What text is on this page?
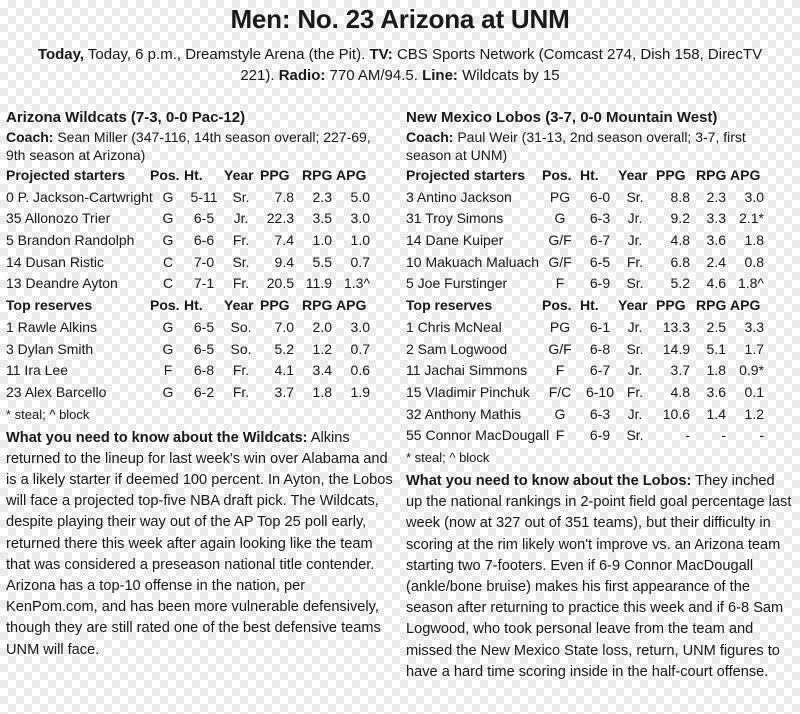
Men: No. 23 Arizona at UNM
Today, Today, 6 p.m., Dreamstyle Arena (the Pit). TV: CBS Sports Network (Comcast 274, Dish 158, DirecTV 221). Radio: 770 AM/94.5. Line: Wildcats by 15
Arizona Wildcats (7-3, 0-0 Pac-12)
Coach: Sean Miller (347-116, 14th season overall; 227-69, 9th season at Arizona)
Projected starters Pos. Ht. Year PPG RPG APG
0 P. Jackson-Cartwright G	5-11	Sr.	7.8	2.3	5.0
35 Allonozo Trier	G	6-5	Jr.	22.3	3.5	3.0
5 Brandon Randolph	G	6-6	Fr.	7.4	1.0	1.0
14 Dusan Ristic	C	7-0	Sr.	9.4	5.5	0.7
13 Deandre Ayton	C	7-1	Fr.	20.5 11.9 1.3^
Top reserves	Pos. Ht. Year PPG RPG APG
1 Rawle Alkins	G	6-5	So.	7.0	2.0	3.0
3 Dylan Smith	G	6-5	So.	5.2	1.2	0.7
11 Ira Lee	F	6-8	Fr.	4.1	3.4	0.6
23 Alex Barcello	G	6-2	Fr.	3.7	1.8	1.9
* steal; ^ block
What you need to know about the Wildcats: Alkins returned to the lineup for last week's win over Alabama and is a likely starter if deemed 100 percent. In Ayton, the Lobos will face a projected top-five NBA draft pick. The Wildcats, despite playing their way out of the AP Top 25 poll early, returned there this week after again looking like the team that was considered a preseason national title contender. Arizona has a top-10 offense in the nation, per KenPom.com, and has been more vulnerable defensively, though they are still rated one of the best defensive teams UNM will face.
New Mexico Lobos (3-7, 0-0 Mountain West)
Coach: Paul Weir (31-13, 2nd season overall; 3-7, first season at UNM)
Projected starters Pos. Ht. Year PPG RPG APG
3 Antino Jackson	PG	6-0	Sr.	8.8	2.3	3.0
31 Troy Simons	G	6-3	Jr.	9.2	3.3 2.1*
14 Dane Kuiper	G/F	6-7	Jr.	4.8	3.6	1.8
10 Makuach Maluach G/F	6-5	Fr.	6.8	2.4	0.8
5 Joe Furstinger	F	6-9	Sr.	5.2	4.6 1.8^
Top reserves	Pos. Ht. Year PPG RPG APG
1 Chris McNeal	PG	6-1	Jr.	13.3	2.5	3.3
2 Sam Logwood	G/F	6-8	Sr.	14.9	5.1	1.7
11 Jachai Simmons	F	6-7	Jr.	3.7	1.8 0.9*
15 Vladimir Pinchuk	F/C	6-10 Fr.	4.8	3.6	0.1
32 Anthony Mathis	G	6-3	Jr.	10.6	1.4	1.2
55 Connor MacDougall F	6-9	Sr.	-	-	-
* steal; ^ block
What you need to know about the Lobos: They inched up the national rankings in 2-point field goal percentage last week (now at 327 out of 351 teams), but their difficulty in scoring at the rim likely won't improve vs. an Arizona team starting two 7-footers. Even if 6-9 Connor MacDougall (ankle/bone bruise) makes his first appearance of the season after returning to practice this week and if 6-8 Sam Logwood, who took personal leave from the team and missed the New Mexico State loss, return, UNM figures to have a hard time scoring inside in the half-court offense.
